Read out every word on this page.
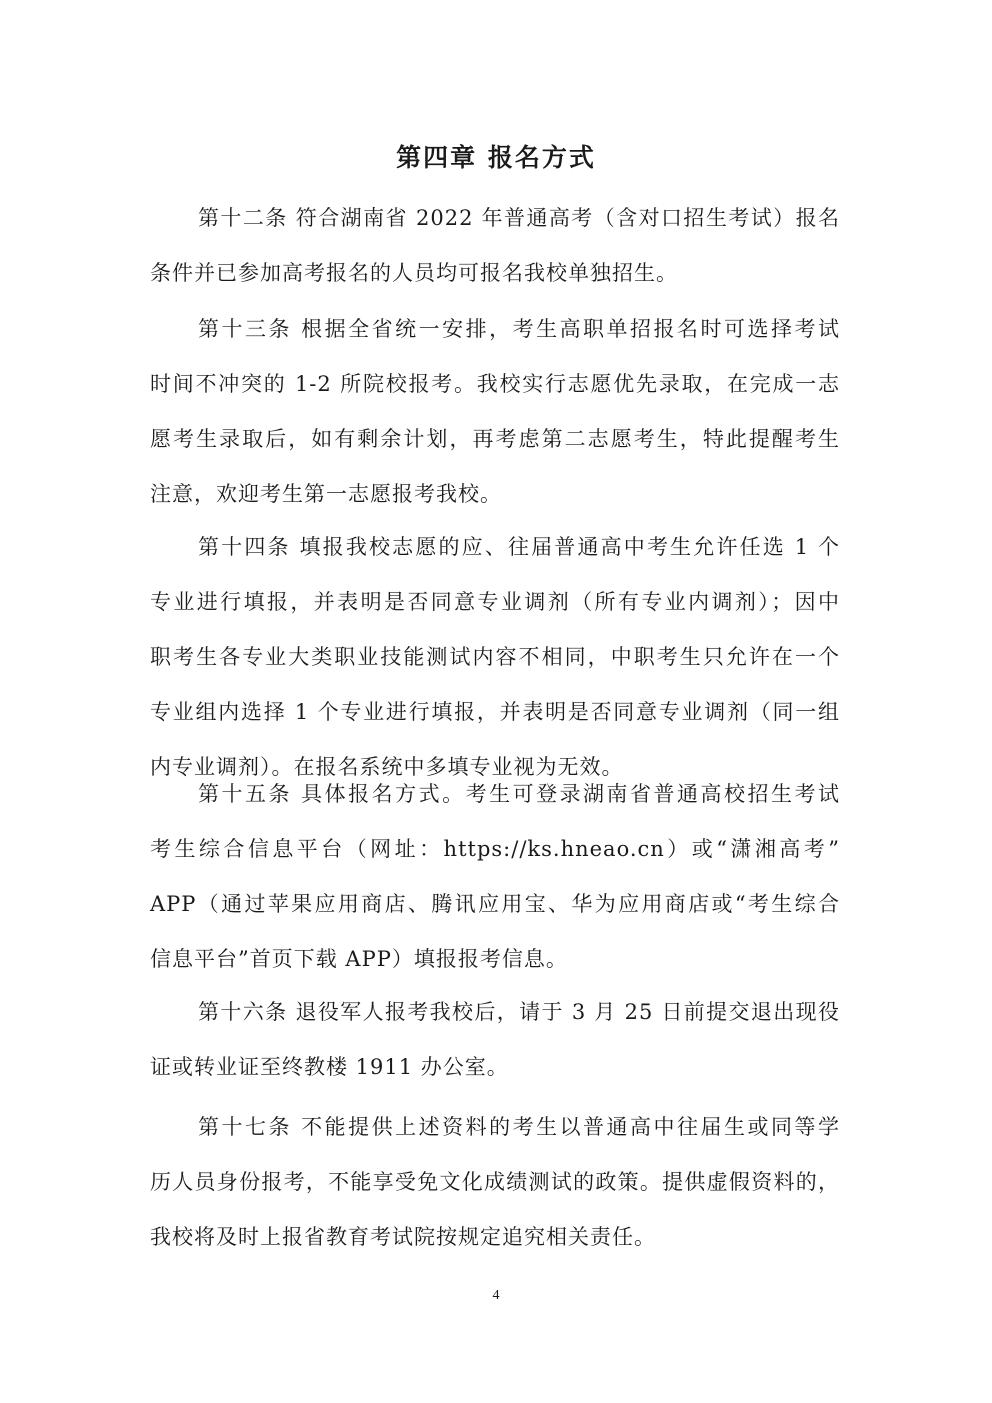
第四章 报名方式
第十二条 符合湖南省 2022 年普通高考（含对口招生考试）报名
条件并已参加高考报名的人员均可报名我校单独招生。
第十三条 根据全省统一安排，考生高职单招报名时可选择考试
时间不冲突的 1-2 所院校报考。我校实行志愿优先录取，在完成一志
愿考生录取后，如有剩余计划，再考虑第二志愿考生，特此提醒考生
注意，欢迎考生第一志愿报考我校。
第十四条 填报我校志愿的应、往届普通高中考生允许任选 1 个
专业进行填报，并表明是否同意专业调剂（所有专业内调剂）；因中
职考生各专业大类职业技能测试内容不相同，中职考生只允许在一个
专业组内选择 1 个专业进行填报，并表明是否同意专业调剂（同一组
内专业调剂）。在报名系统中多填专业视为无效。
第十五条 具体报名方式。考生可登录湖南省普通高校招生考试
考生综合信息平台（网址：https://ks.hneao.cn）或“潇湘高考”
APP（通过苹果应用商店、腾讯应用宝、华为应用商店或“考生综合
信息平台”首页下载 APP）填报报考信息。
第十六条 退役军人报考我校后，请于 3 月 25 日前提交退出现役
证或转业证至终教楼 1911 办公室。
第十七条 不能提供上述资料的考生以普通高中往届生或同等学
历人员身份报考，不能享受免文化成绩测试的政策。提供虚假资料的，
我校将及时上报省教育考试院按规定追究相关责任。
4
